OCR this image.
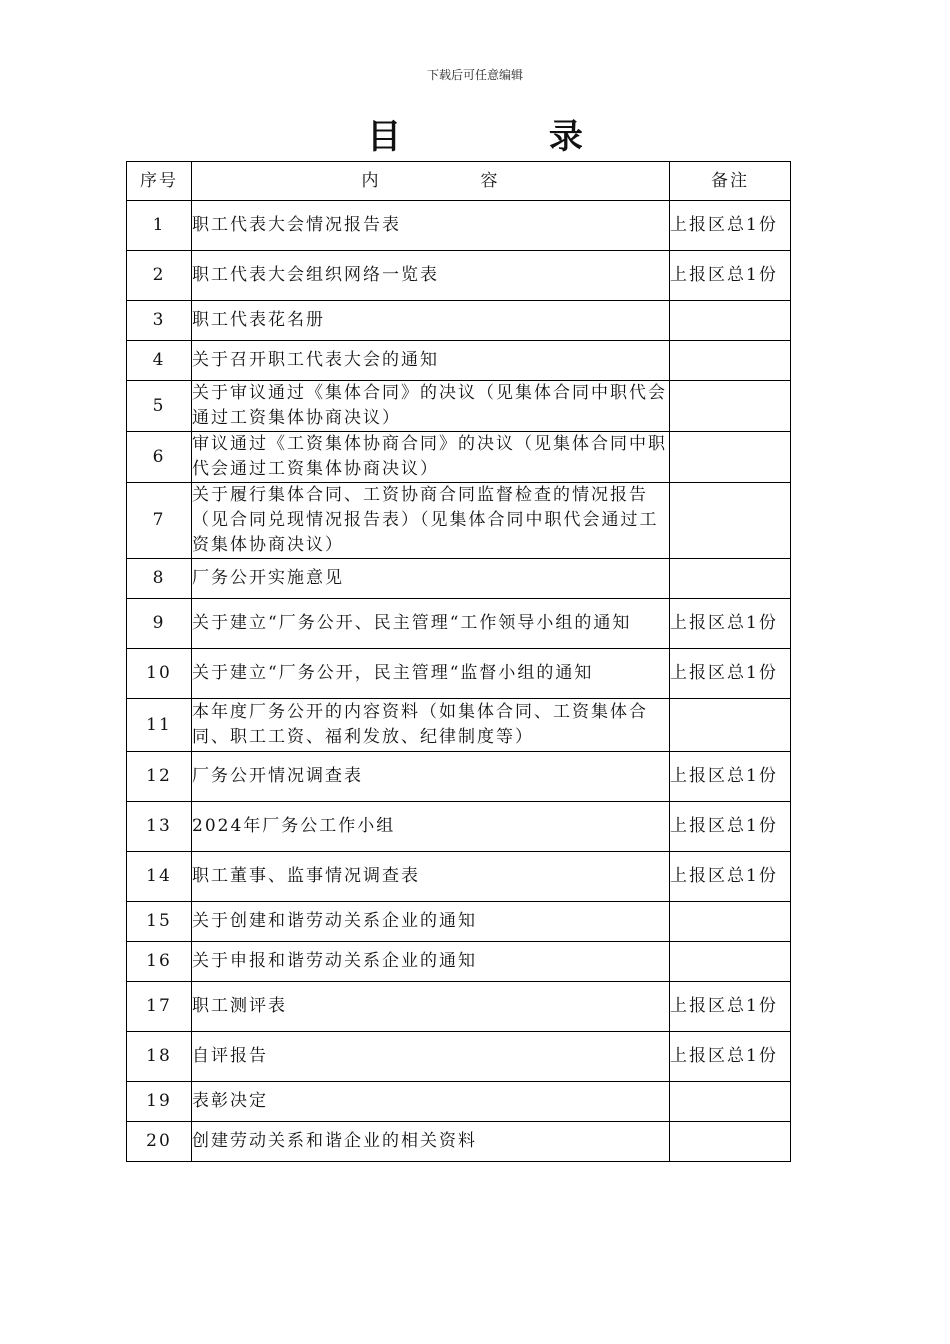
下载后可任意编辑
目 录
序号	内 容	备注
1	职工代表大会情况报告表	上报区总1份
2	职工代表大会组织网络一览表	上报区总1份
3	职工代表花名册	
4	关于召开职工代表大会的通知	
5	关于审议通过《集体合同》的决议（见集体合同中职代会通过工资集体协商决议）	
6	审议通过《工资集体协商合同》的决议（见集体合同中职代会通过工资集体协商决议）	
7	关于履行集体合同、工资协商合同监督检查的情况报告（见合同兑现情况报告表）（见集体合同中职代会通过工资集体协商决议）	
8	厂务公开实施意见	
9	关于建立“厂务公开、民主管理“工作领导小组的通知	上报区总1份
10	关于建立“厂务公开，民主管理“监督小组的通知	上报区总1份
11	本年度厂务公开的内容资料（如集体合同、工资集体合同、职工工资、福利发放、纪律制度等）	
12	厂务公开情况调查表	上报区总1份
13	2024年厂务公工作小组	上报区总1份
14	职工董事、监事情况调查表	上报区总1份
15	关于创建和谐劳动关系企业的通知	
16	关于申报和谐劳动关系企业的通知	
17	职工测评表	上报区总1份
18	自评报告	上报区总1份
19	表彰决定	
20	创建劳动关系和谐企业的相关资料	
